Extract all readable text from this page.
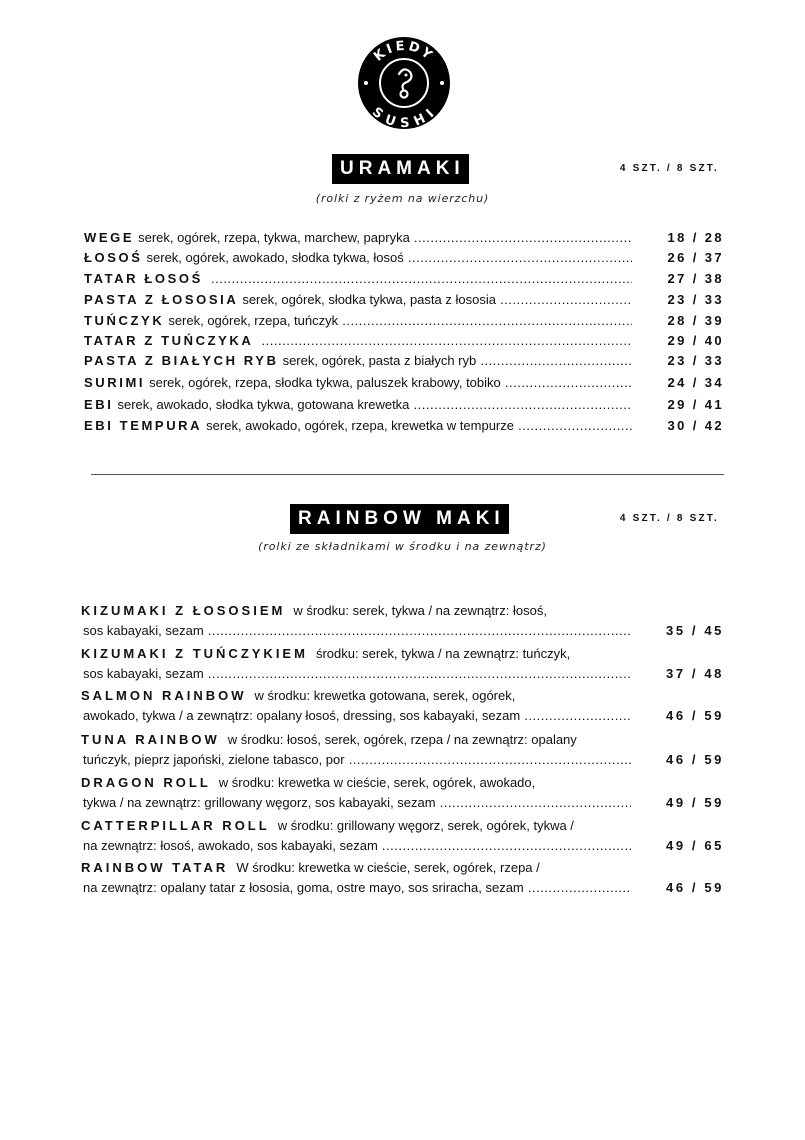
KIEDY
SUSHI
URAMAKI	4 SZT. / 8 SZT.
(rolki z ryżem na wierzchu)
WEGE serek, ogórek, rzepa, tykwa, marchew, papryka .....	18 / 28
ŁOSOŚ serek, ogórek, awokado, słodka tykwa, łosoś .....	26 / 37
TATAR ŁOSOŚ .....	27 / 38
PASTA Z ŁOSOSIA serek, ogórek, słodka tykwa, pasta z łososia .....	23 / 33
TUŃCZYK serek, ogórek, rzepa, tuńczyk .....	28 / 39
TATAR Z TUŃCZYKA .....	29 / 40
PASTA Z BIAŁYCH RYB serek, ogórek, pasta z białych ryb .....	23 / 33
SURIMI serek, ogórek, rzepa, słodka tykwa, paluszek krabowy, tobiko .....	24 / 34
EBI serek, awokado, słodka tykwa, gotowana krewetka .....	29 / 41
EBI TEMPURA serek, awokado, ogórek, rzepa, krewetka w tempurze .....	30 / 42
RAINBOW MAKI	4 SZT. / 8 SZT.
(rolki ze składnikami w środku i na zewnątrz)
KIZUMAKI Z ŁOSOSIEM w środku: serek, tykwa / na zewnątrz: łosoś,
sos kabayaki, sezam .....	35 / 45
KIZUMAKI Z TUŃCZYKIEM środku: serek, tykwa / na zewnątrz: tuńczyk,
sos kabayaki, sezam .....	37 / 48
SALMON RAINBOW w środku: krewetka gotowana, serek, ogórek,
awokado, tykwa / a zewnątrz: opalany łosoś, dressing, sos kabayaki, sezam .....	46 / 59
TUNA RAINBOW w środku: łosoś, serek, ogórek, rzepa / na zewnątrz: opalany
tuńczyk, pieprz japoński, zielone tabasco, por .....	46 / 59
DRAGON ROLL w środku: krewetka w cieście, serek, ogórek, awokado,
tykwa / na zewnątrz: grillowany węgorz, sos kabayaki, sezam .....	49 / 59
CATTERPILLAR ROLL w środku: grillowany węgorz, serek, ogórek, tykwa /
na zewnątrz: łosoś, awokado, sos kabayaki, sezam .....	49 / 65
RAINBOW TATAR W środku: krewetka w cieście, serek, ogórek, rzepa /
na zewnątrz: opalany tatar z łososia, goma, ostre mayo, sos sriracha, sezam .....	46 / 59
